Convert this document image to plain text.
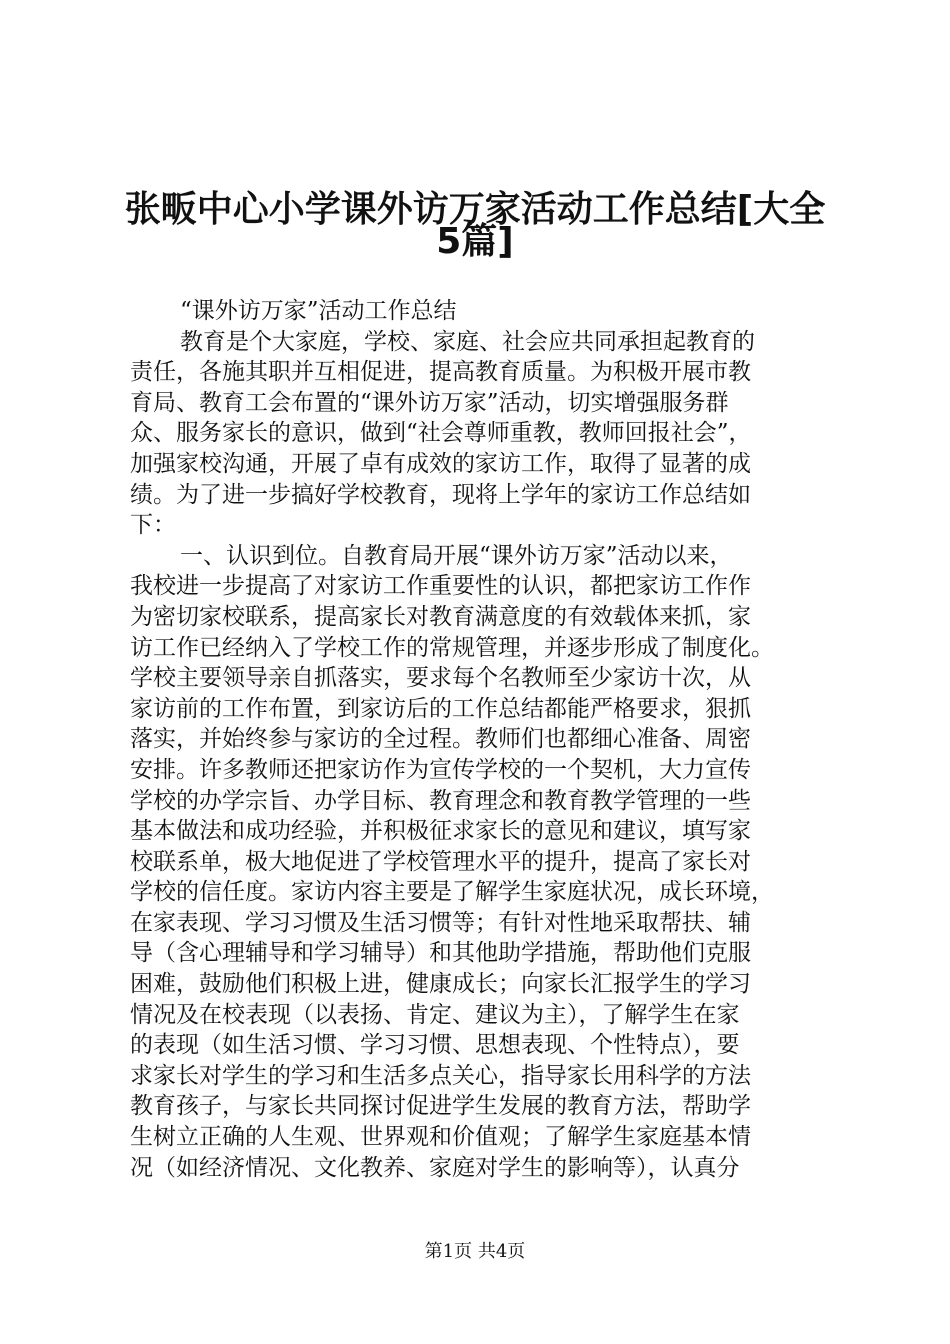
张畈中心小学课外访万家活动工作总结[大全
5篇]
“课外访万家”活动工作总结
教育是个大家庭，学校、家庭、社会应共同承担起教育的
责任，各施其职并互相促进，提高教育质量。为积极开展市教
育局、教育工会布置的“课外访万家”活动，切实增强服务群
众、服务家长的意识，做到“社会尊师重教，教师回报社会”，
加强家校沟通，开展了卓有成效的家访工作，取得了显著的成
绩。为了进一步搞好学校教育，现将上学年的家访工作总结如
下：
一、认识到位。自教育局开展“课外访万家”活动以来，
我校进一步提高了对家访工作重要性的认识，都把家访工作作
为密切家校联系，提高家长对教育满意度的有效载体来抓，家
访工作已经纳入了学校工作的常规管理，并逐步形成了制度化。
学校主要领导亲自抓落实，要求每个名教师至少家访十次，从
家访前的工作布置，到家访后的工作总结都能严格要求，狠抓
落实，并始终参与家访的全过程。教师们也都细心准备、周密
安排。许多教师还把家访作为宣传学校的一个契机，大力宣传
学校的办学宗旨、办学目标、教育理念和教育教学管理的一些
基本做法和成功经验，并积极征求家长的意见和建议，填写家
校联系单，极大地促进了学校管理水平的提升，提高了家长对
学校的信任度。家访内容主要是了解学生家庭状况，成长环境，
在家表现、学习习惯及生活习惯等；有针对性地采取帮扶、辅
导（含心理辅导和学习辅导）和其他助学措施，帮助他们克服
困难，鼓励他们积极上进，健康成长；向家长汇报学生的学习
情况及在校表现（以表扬、肯定、建议为主），了解学生在家
的表现（如生活习惯、学习习惯、思想表现、个性特点），要
求家长对学生的学习和生活多点关心，指导家长用科学的方法
教育孩子，与家长共同探讨促进学生发展的教育方法，帮助学
生树立正确的人生观、世界观和价值观；了解学生家庭基本情
况（如经济情况、文化教养、家庭对学生的影响等），认真分
第1页 共4页
